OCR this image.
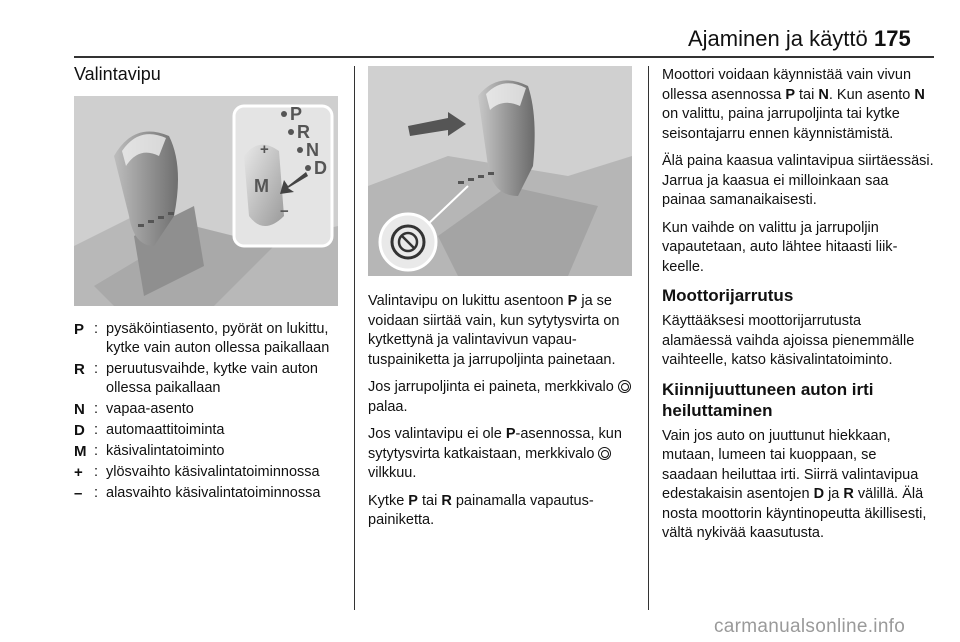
Ajaminen ja käyttö 175
Valintavipu
P
R
N
D
M
+
−
P : pysäköintiasento, pyörät on lukittu, kytke vain auton ollessa paikallaan
R : peruutusvaihde, kytke vain auton ollessa paikallaan
N : vapaa-asento
D : automaattitoiminta
M : käsivalintatoiminto
+ : ylösvaihto käsivalintatoiminnossa
– : alasvaihto käsivalintatoiminnossa

Valintavipu on lukittu asentoon P ja se voidaan siirtää vain, kun sytytysvirta on kytkettynä ja valintavivun vapautuspainiketta ja jarrupoljinta painetaan.

Jos jarrupoljinta ei paineta, merkkivalo  palaa.

Jos valintavipu ei ole P-asennossa, kun sytytysvirta katkaistaan, merkkivalo  vilkkuu.

Kytke P tai R painamalla vapautuspainiketta.

Moottori voidaan käynnistää vain vivun ollessa asennossa P tai N. Kun asento N on valittu, paina jarrupoljinta tai kytke seisontajarru ennen käynnistämistä.

Älä paina kaasua valintavipua siirtäessäsi. Jarrua ja kaasua ei milloinkaan saa painaa samanaikaisesti.

Kun vaihde on valittu ja jarrupoljin vapautetaan, auto lähtee hitaasti liikkeelle.

Moottorijarrutus

Käyttääksesi moottorijarrutusta alamäessä vaihda ajoissa pienemmälle vaihteelle, katso käsivalintatoiminto.

Kiinnijuuttuneen auton irti
heiluttaminen

Vain jos auto on juuttunut hiekkaan, mutaan, lumeen tai kuoppaan, se saadaan heiluttaa irti. Siirrä valintavipua edestakaisin asentojen D ja R välillä. Älä nosta moottorin käyntinopeutta äkillisesti, vältä nykivää kaasutusta.

carmanualsonline.info
